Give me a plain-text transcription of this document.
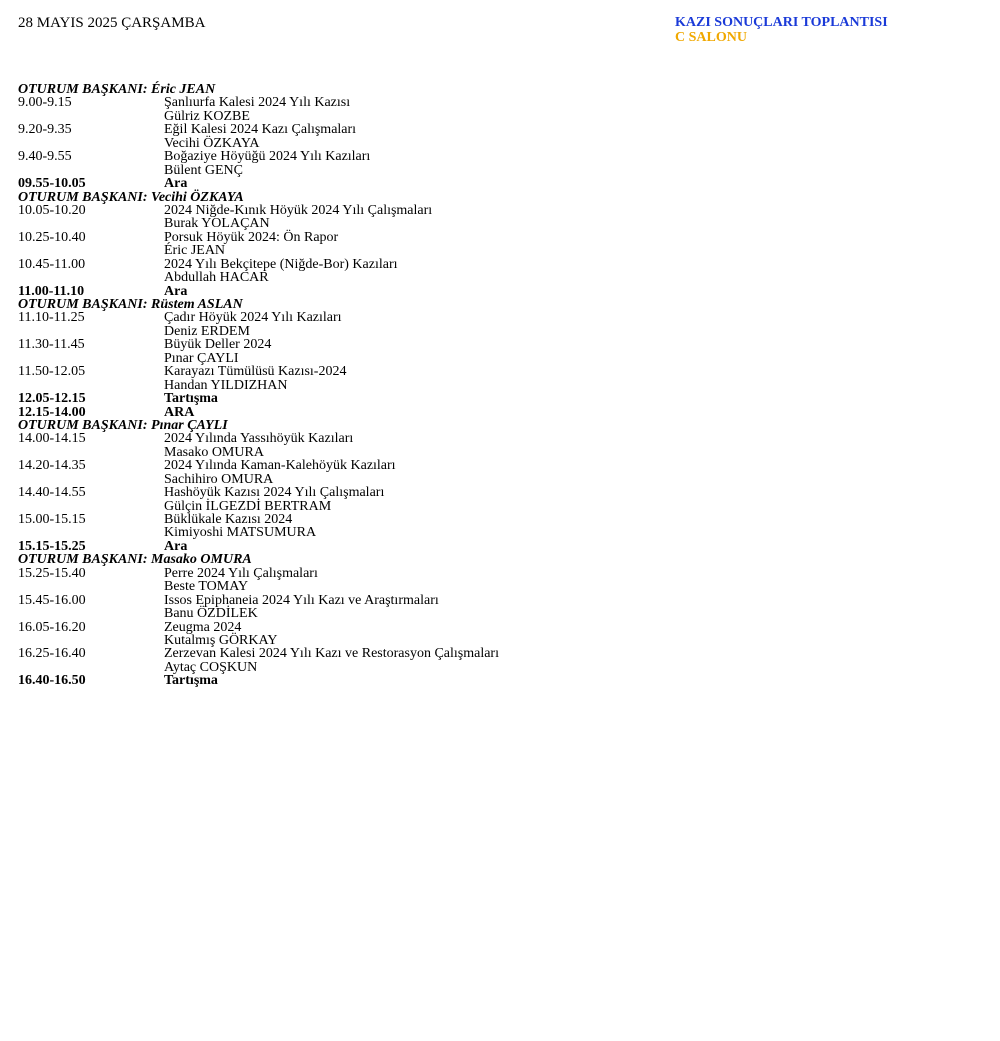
28 MAYIS 2025 ÇARŞAMBA	KAZI SONUÇLARI TOPLANTISI
C SALONU
OTURUM BAŞKANI: Éric JEAN
9.00-9.15	Şanlıurfa Kalesi 2024 Yılı Kazısı
Gülriz KOZBE
9.20-9.35	Eğil Kalesi 2024 Kazı Çalışmaları
Vecihi ÖZKAYA
9.40-9.55	Boğaziye Höyüğü 2024 Yılı Kazıları
Bülent GENÇ
09.55-10.05	Ara
OTURUM BAŞKANI: Vecihi ÖZKAYA
10.05-10.20	2024 Niğde-Kınık Höyük 2024 Yılı Çalışmaları
Burak YOLAÇAN
10.25-10.40	Porsuk Höyük 2024: Ön Rapor
Éric JEAN
10.45-11.00	2024 Yılı Bekçitepe (Niğde-Bor) Kazıları
Abdullah HACAR
11.00-11.10	Ara
OTURUM BAŞKANI: Rüstem ASLAN
11.10-11.25	Çadır Höyük 2024 Yılı Kazıları
Deniz ERDEM
11.30-11.45	Büyük Deller 2024
Pınar ÇAYLI
11.50-12.05	Karayazı Tümülüsü Kazısı-2024
Handan YILDIZHAN
12.05-12.15	Tartışma
12.15-14.00	ARA
OTURUM BAŞKANI: Pınar ÇAYLI
14.00-14.15	2024 Yılında Yassıhöyük Kazıları
Masako OMURA
14.20-14.35	2024 Yılında Kaman-Kalehöyük Kazıları
Sachihiro OMURA
14.40-14.55	Hashöyük Kazısı 2024 Yılı Çalışmaları
Gülçin İLGEZDİ BERTRAM
15.00-15.15	Büklükale Kazısı 2024
Kimiyoshi MATSUMURA
15.15-15.25	Ara
OTURUM BAŞKANI: Masako OMURA
15.25-15.40	Perre 2024 Yılı Çalışmaları
Beste TOMAY
15.45-16.00	Issos Epiphaneia 2024 Yılı Kazı ve Araştırmaları
Banu ÖZDİLEK
16.05-16.20	Zeugma 2024
Kutalmış GÖRKAY
16.25-16.40	Zerzevan Kalesi 2024 Yılı Kazı ve Restorasyon Çalışmaları
Aytaç COŞKUN
16.40-16.50	Tartışma
